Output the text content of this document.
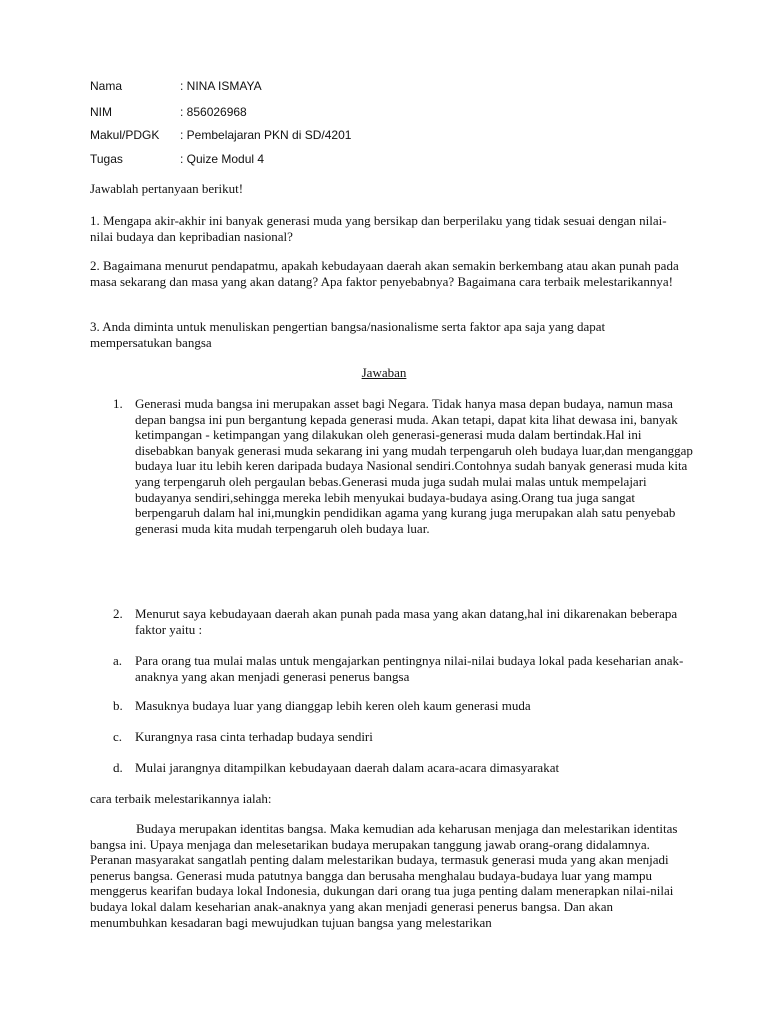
Nama	: NINA ISMAYA
NIM	: 856026968
Makul/PDGK : Pembelajaran PKN di SD/4201
Tugas	: Quize Modul 4
Jawablah pertanyaan berikut!
1. Mengapa akir-akhir ini banyak generasi muda yang bersikap dan berperilaku yang tidak sesuai dengan nilai-nilai budaya dan kepribadian nasional?
2. Bagaimana menurut pendapatmu, apakah kebudayaan daerah akan semakin berkembang atau akan punah pada masa sekarang dan masa yang akan datang? Apa faktor penyebabnya? Bagaimana cara terbaik melestarikannya!
3. Anda diminta untuk menuliskan pengertian bangsa/nasionalisme serta faktor apa saja yang dapat mempersatukan bangsa
Jawaban
1. Generasi muda bangsa ini merupakan asset bagi Negara. Tidak hanya masa depan budaya, namun masa depan bangsa ini pun bergantung kepada generasi muda. Akan tetapi, dapat kita lihat dewasa ini, banyak ketimpangan - ketimpangan yang dilakukan oleh generasi-generasi muda dalam bertindak.Hal ini disebabkan banyak generasi muda sekarang ini yang mudah terpengaruh oleh budaya luar,dan menganggap budaya luar itu lebih keren daripada budaya Nasional sendiri.Contohnya sudah banyak generasi muda kita yang terpengaruh oleh pergaulan bebas.Generasi muda juga sudah mulai malas untuk mempelajari budayanya sendiri,sehingga mereka lebih menyukai budaya-budaya asing.Orang tua juga sangat berpengaruh dalam hal ini,mungkin pendidikan agama yang kurang juga merupakan alah satu penyebab generasi muda kita mudah terpengaruh oleh budaya luar.
2. Menurut saya kebudayaan daerah akan punah pada masa yang akan datang,hal ini dikarenakan beberapa faktor yaitu :
a. Para orang tua mulai malas untuk mengajarkan pentingnya nilai-nilai budaya lokal pada keseharian anak-anaknya yang akan menjadi generasi penerus bangsa
b. Masuknya budaya luar yang dianggap lebih keren oleh kaum generasi muda
c. Kurangnya rasa cinta terhadap budaya sendiri
d. Mulai jarangnya ditampilkan kebudayaan daerah dalam acara-acara dimasyarakat
cara terbaik melestarikannya ialah:
Budaya merupakan identitas bangsa. Maka kemudian ada keharusan menjaga dan melestarikan identitas bangsa ini. Upaya menjaga dan melesetarikan budaya merupakan tanggung jawab orang-orang didalamnya. Peranan masyarakat sangatlah penting dalam melestarikan budaya, termasuk generasi muda yang akan menjadi penerus bangsa. Generasi muda patutnya bangga dan berusaha menghalau budaya-budaya luar yang mampu menggerus kearifan budaya lokal Indonesia, dukungan dari orang tua juga penting dalam menerapkan nilai-nilai budaya lokal dalam keseharian anak-anaknya yang akan menjadi generasi penerus bangsa. Dan akan menumbuhkan kesadaran bagi mewujudkan tujuan bangsa yang melestarikan
